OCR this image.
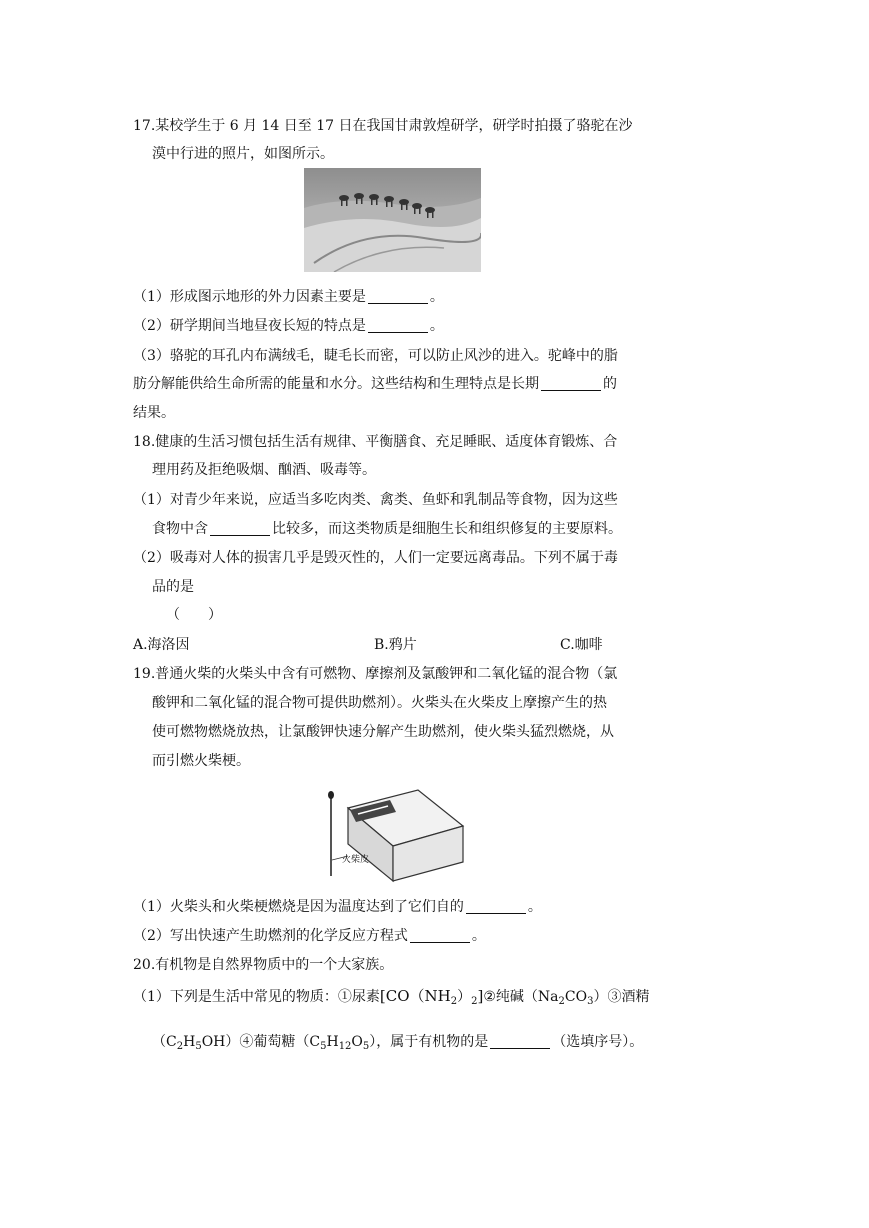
17.某校学生于 6 月 14 日至 17 日在我国甘肃敦煌研学，研学时拍摄了骆驼在沙
漠中行进的照片，如图所示。
（1）形成图示地形的外力因素主要是	。
（2）研学期间当地昼夜长短的特点是	。
（3）骆驼的耳孔内布满绒毛，睫毛长而密，可以防止风沙的进入。驼峰中的脂
肪分解能供给生命所需的能量和水分。这些结构和生理特点是长期	的
结果。
18.健康的生活习惯包括生活有规律、平衡膳食、充足睡眠、适度体育锻炼、合
理用药及拒绝吸烟、酗酒、吸毒等。
（1）对青少年来说，应适当多吃肉类、禽类、鱼虾和乳制品等食物，因为这些
食物中含	比较多，而这类物质是细胞生长和组织修复的主要原料。
（2）吸毒对人体的损害几乎是毁灭性的，人们一定要远离毒品。下列不属于毒
品的是
（　　）
A.海洛因	B.鸦片	C.咖啡
19.普通火柴的火柴头中含有可燃物、摩擦剂及氯酸钾和二氧化锰的混合物（氯
酸钾和二氧化锰的混合物可提供助燃剂）。火柴头在火柴皮上摩擦产生的热
使可燃物燃烧放热，让氯酸钾快速分解产生助燃剂，使火柴头猛烈燃烧，从
而引燃火柴梗。
火柴皮
（1）火柴头和火柴梗燃烧是因为温度达到了它们自的	。
（2）写出快速产生助燃剂的化学反应方程式	。
20.有机物是自然界物质中的一个大家族。
（1）下列是生活中常见的物质：①尿素$[CO(NH_2)_2]②$纯碱$(Na_2CO_3)③$酒精
$(C_2H_5OH)④$葡萄糖$(C_5H_{12}O_5)$，属于有机物的是	（选填序号）。
